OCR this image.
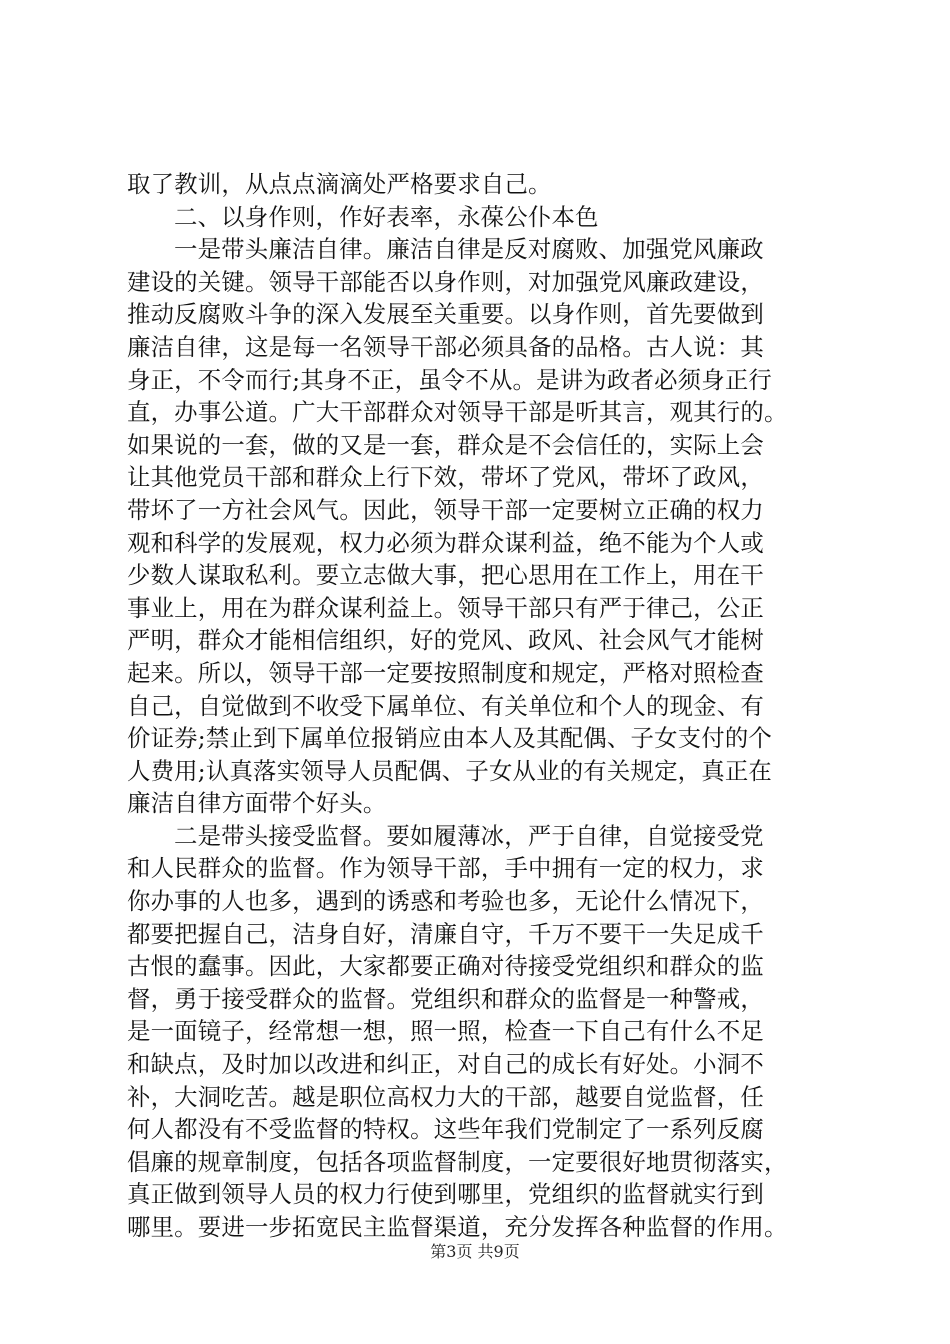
取了教训，从点点滴滴处严格要求自己。
二、以身作则，作好表率，永葆公仆本色
一是带头廉洁自律。廉洁自律是反对腐败、加强党风廉政
建设的关键。领导干部能否以身作则，对加强党风廉政建设，
推动反腐败斗争的深入发展至关重要。以身作则，首先要做到
廉洁自律，这是每一名领导干部必须具备的品格。古人说：其
身正，不令而行;其身不正，虽令不从。是讲为政者必须身正行
直，办事公道。广大干部群众对领导干部是听其言，观其行的。
如果说的一套，做的又是一套，群众是不会信任的，实际上会
让其他党员干部和群众上行下效，带坏了党风，带坏了政风，
带坏了一方社会风气。因此，领导干部一定要树立正确的权力
观和科学的发展观，权力必须为群众谋利益，绝不能为个人或
少数人谋取私利。要立志做大事，把心思用在工作上，用在干
事业上，用在为群众谋利益上。领导干部只有严于律己，公正
严明，群众才能相信组织，好的党风、政风、社会风气才能树
起来。所以，领导干部一定要按照制度和规定，严格对照检查
自己，自觉做到不收受下属单位、有关单位和个人的现金、有
价证券;禁止到下属单位报销应由本人及其配偶、子女支付的个
人费用;认真落实领导人员配偶、子女从业的有关规定，真正在
廉洁自律方面带个好头。
二是带头接受监督。要如履薄冰，严于自律，自觉接受党
和人民群众的监督。作为领导干部，手中拥有一定的权力，求
你办事的人也多，遇到的诱惑和考验也多，无论什么情况下，
都要把握自己，洁身自好，清廉自守，千万不要干一失足成千
古恨的蠢事。因此，大家都要正确对待接受党组织和群众的监
督，勇于接受群众的监督。党组织和群众的监督是一种警戒，
是一面镜子，经常想一想，照一照，检查一下自己有什么不足
和缺点，及时加以改进和纠正，对自己的成长有好处。小洞不
补，大洞吃苦。越是职位高权力大的干部，越要自觉监督，任
何人都没有不受监督的特权。这些年我们党制定了一系列反腐
倡廉的规章制度，包括各项监督制度，一定要很好地贯彻落实，
真正做到领导人员的权力行使到哪里，党组织的监督就实行到
哪里。要进一步拓宽民主监督渠道，充分发挥各种监督的作用。
第3页 共9页
